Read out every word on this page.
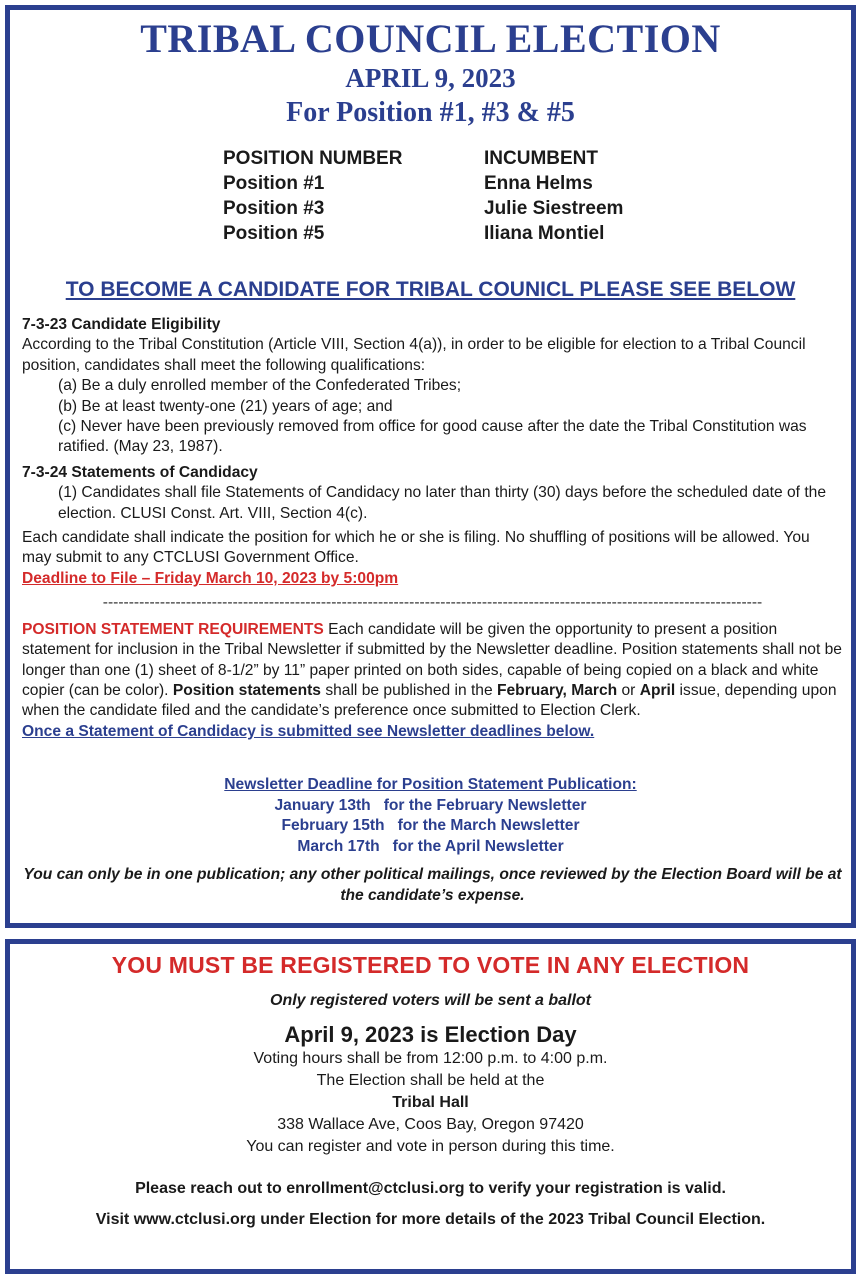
TRIBAL COUNCIL ELECTION
APRIL 9, 2023
For Position #1, #3 & #5
POSITION NUMBER	INCUMBENT
Position #1	Enna Helms
Position #3	Julie Siestreem
Position #5	Iliana Montiel
TO BECOME A CANDIDATE FOR TRIBAL COUNICL PLEASE SEE BELOW
7-3-23 Candidate Eligibility
According to the Tribal Constitution (Article VIII, Section 4(a)), in order to be eligible for election to a Tribal Council position, candidates shall meet the following qualifications:
(a) Be a duly enrolled member of the Confederated Tribes;
(b) Be at least twenty-one (21) years of age; and
(c) Never have been previously removed from office for good cause after the date the Tribal Constitution was ratified. (May 23, 1987).
7-3-24 Statements of Candidacy
(1) Candidates shall file Statements of Candidacy no later than thirty (30) days before the scheduled date of the election. CLUSI Const. Art. VIII, Section 4(c).
Each candidate shall indicate the position for which he or she is filing. No shuffling of positions will be allowed. You may submit to any CTCLUSI Government Office.
Deadline to File – Friday March 10, 2023 by 5:00pm
-------------------------------------------------------------------------------------------------------------------------------
POSITION STATEMENT REQUIREMENTS Each candidate will be given the opportunity to present a position statement for inclusion in the Tribal Newsletter if submitted by the Newsletter deadline. Position statements shall not be longer than one (1) sheet of 8-1/2” by 11” paper printed on both sides, capable of being copied on a black and white copier (can be color). Position statements shall be published in the February, March or April issue, depending upon when the candidate filed and the candidate’s preference once submitted to Election Clerk.
Once a Statement of Candidacy is submitted see Newsletter deadlines below.
Newsletter Deadline for Position Statement Publication:
January 13th   for the February Newsletter
February 15th   for the March Newsletter
March 17th   for the April Newsletter
You can only be in one publication; any other political mailings, once reviewed by the Election Board will be at the candidate’s expense.
YOU MUST BE REGISTERED TO VOTE IN ANY ELECTION
Only registered voters will be sent a ballot
April 9, 2023 is Election Day
Voting hours shall be from 12:00 p.m. to 4:00 p.m.
The Election shall be held at the
Tribal Hall
338 Wallace Ave, Coos Bay, Oregon 97420
You can register and vote in person during this time.
Please reach out to enrollment@ctclusi.org to verify your registration is valid.
Visit www.ctclusi.org under Election for more details of the 2023 Tribal Council Election.
